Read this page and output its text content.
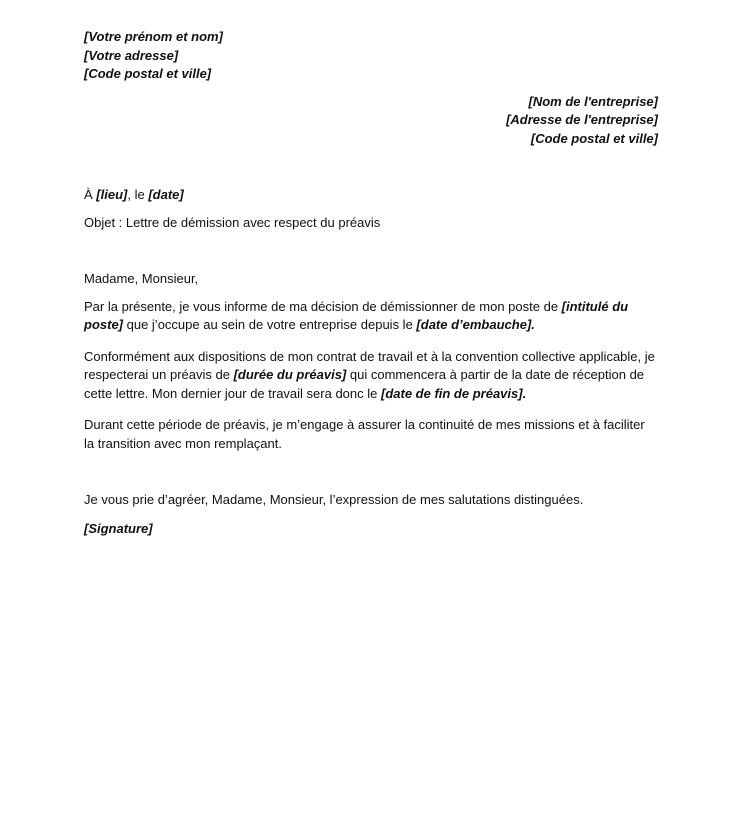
[Votre prénom et nom]

[Votre adresse]

[Code postal et ville]

[Nom de l'entreprise]

[Adresse de l'entreprise]

[Code postal et ville]

À [lieu], le [date]

Objet : Lettre de démission avec respect du préavis

Madame, Monsieur,

Par la présente, je vous informe de ma décision de démissionner de mon poste de [intitulé du poste] que j’occupe au sein de votre entreprise depuis le [date d’embauche].

Conformément aux dispositions de mon contrat de travail et à la convention collective applicable, je respecterai un préavis de [durée du préavis] qui commencera à partir de la date de réception de cette lettre. Mon dernier jour de travail sera donc le [date de fin de préavis].

Durant cette période de préavis, je m’engage à assurer la continuité de mes missions et à faciliter la transition avec mon remplaçant.

Je vous prie d’agréer, Madame, Monsieur, l’expression de mes salutations distinguées.

[Signature]
